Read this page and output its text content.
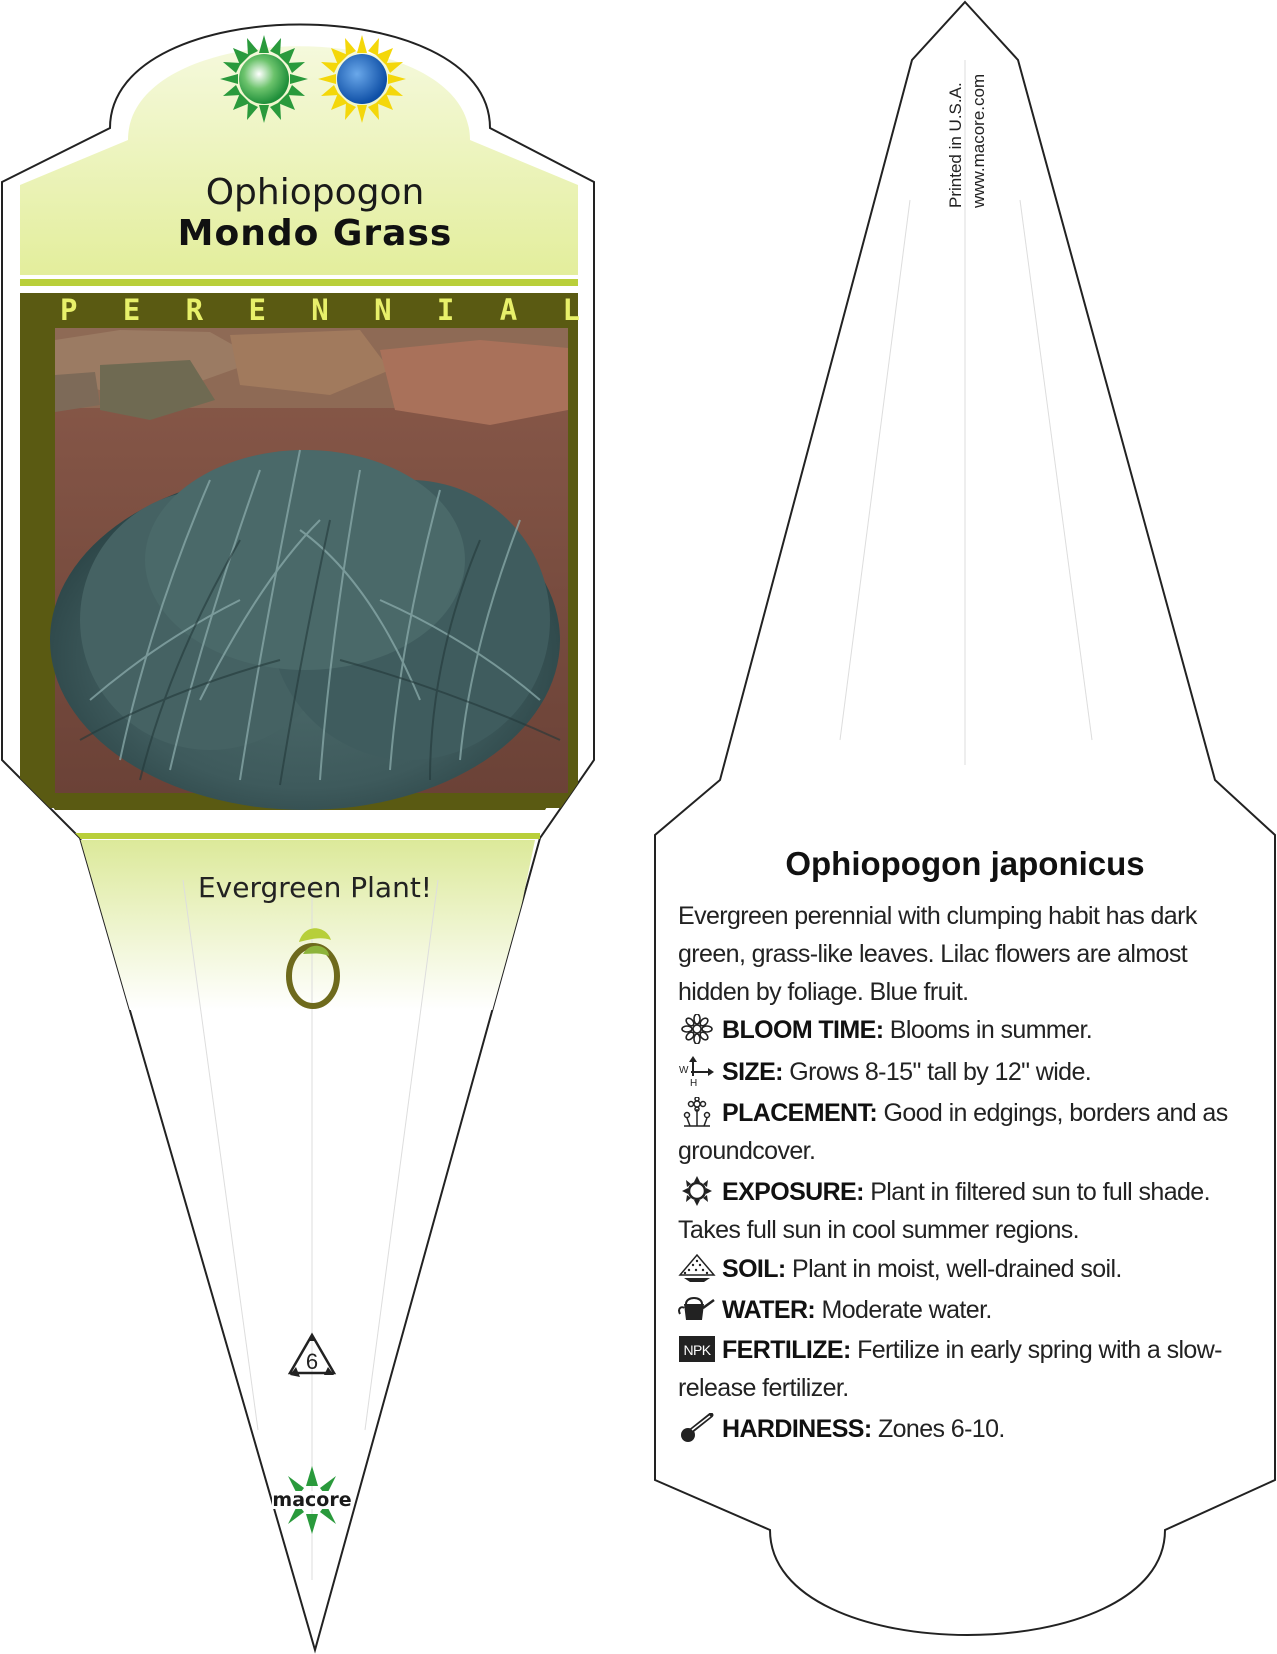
6
macore
Ophiopogon
Mondo Grass
P E R E N N I A L
Evergreen Plant!
Printed in U.S.A. www.macore.com
Ophiopogon japonicus
Evergreen perennial with clumping habit has dark green, grass-like leaves. Lilac flowers are almost hidden by foliage. Blue fruit.
BLOOM TIME: Blooms in summer.
W
H SIZE: Grows 8-15" tall by 12" wide.
PLACEMENT: Good in edgings, borders and as groundcover.
EXPOSURE: Plant in filtered sun to full shade. Takes full sun in cool summer regions.
SOIL: Plant in moist, well-drained soil.
WATER: Moderate water.
NPK FERTILIZE: Fertilize in early spring with a slow-release fertilizer.
HARDINESS: Zones 6-10.
